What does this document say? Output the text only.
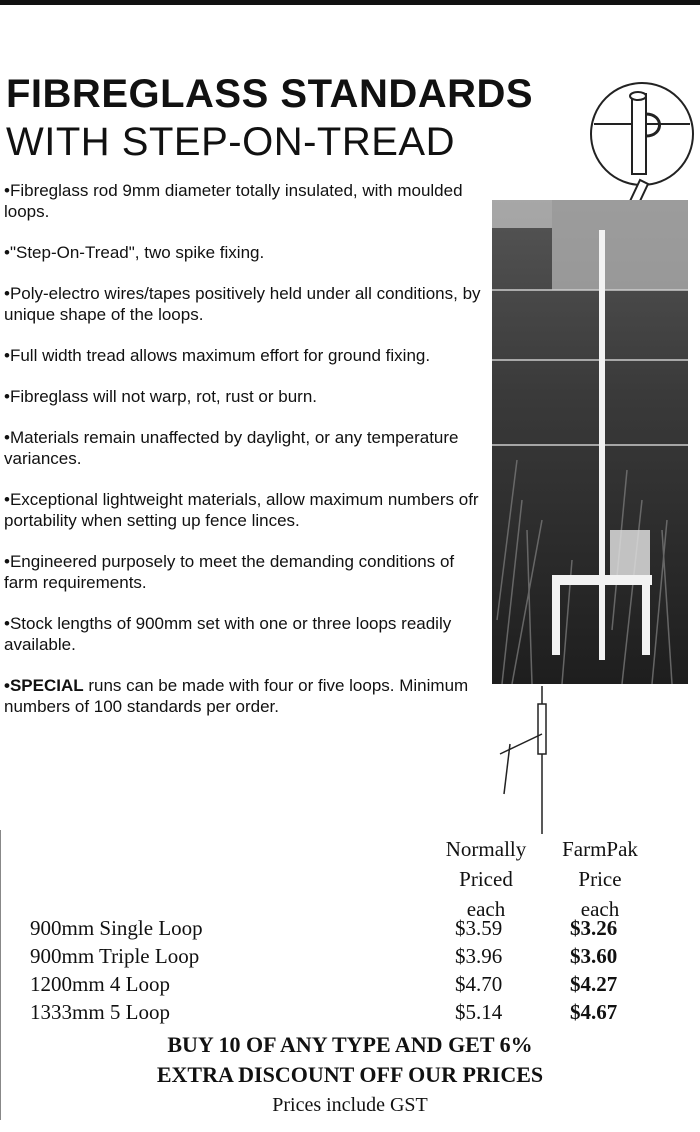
FIBREGLASS STANDARDS
WITH STEP-ON-TREAD
•Fibreglass rod 9mm diameter totally insulated, with moulded loops.
•"Step-On-Tread", two spike fixing.
•Poly-electro wires/tapes positively held under all conditions, by unique shape of the loops.
•Full width tread allows maximum effort for ground fixing.
•Fibreglass will not warp, rot, rust or burn.
•Materials remain unaffected by daylight, or any temperature variances.
•Exceptional lightweight materials, allow maximum numbers ofr portability when setting up fence linces.
•Engineered purposely to meet the demanding conditions of farm requirements.
•Stock lengths of 900mm set with one or three loops readily available.
•SPECIAL runs can be made with four or five loops. Minimum numbers of 100 standards per order.
Normally
Priced
each
FarmPak
Price
each
900mm Single Loop	$3.59	$3.26
900mm Triple Loop	$3.96	$3.60
1200mm 4 Loop	$4.70	$4.27
1333mm 5 Loop	$5.14	$4.67
BUY 10 OF ANY TYPE AND GET 6%
EXTRA DISCOUNT OFF OUR PRICES
Prices include GST
